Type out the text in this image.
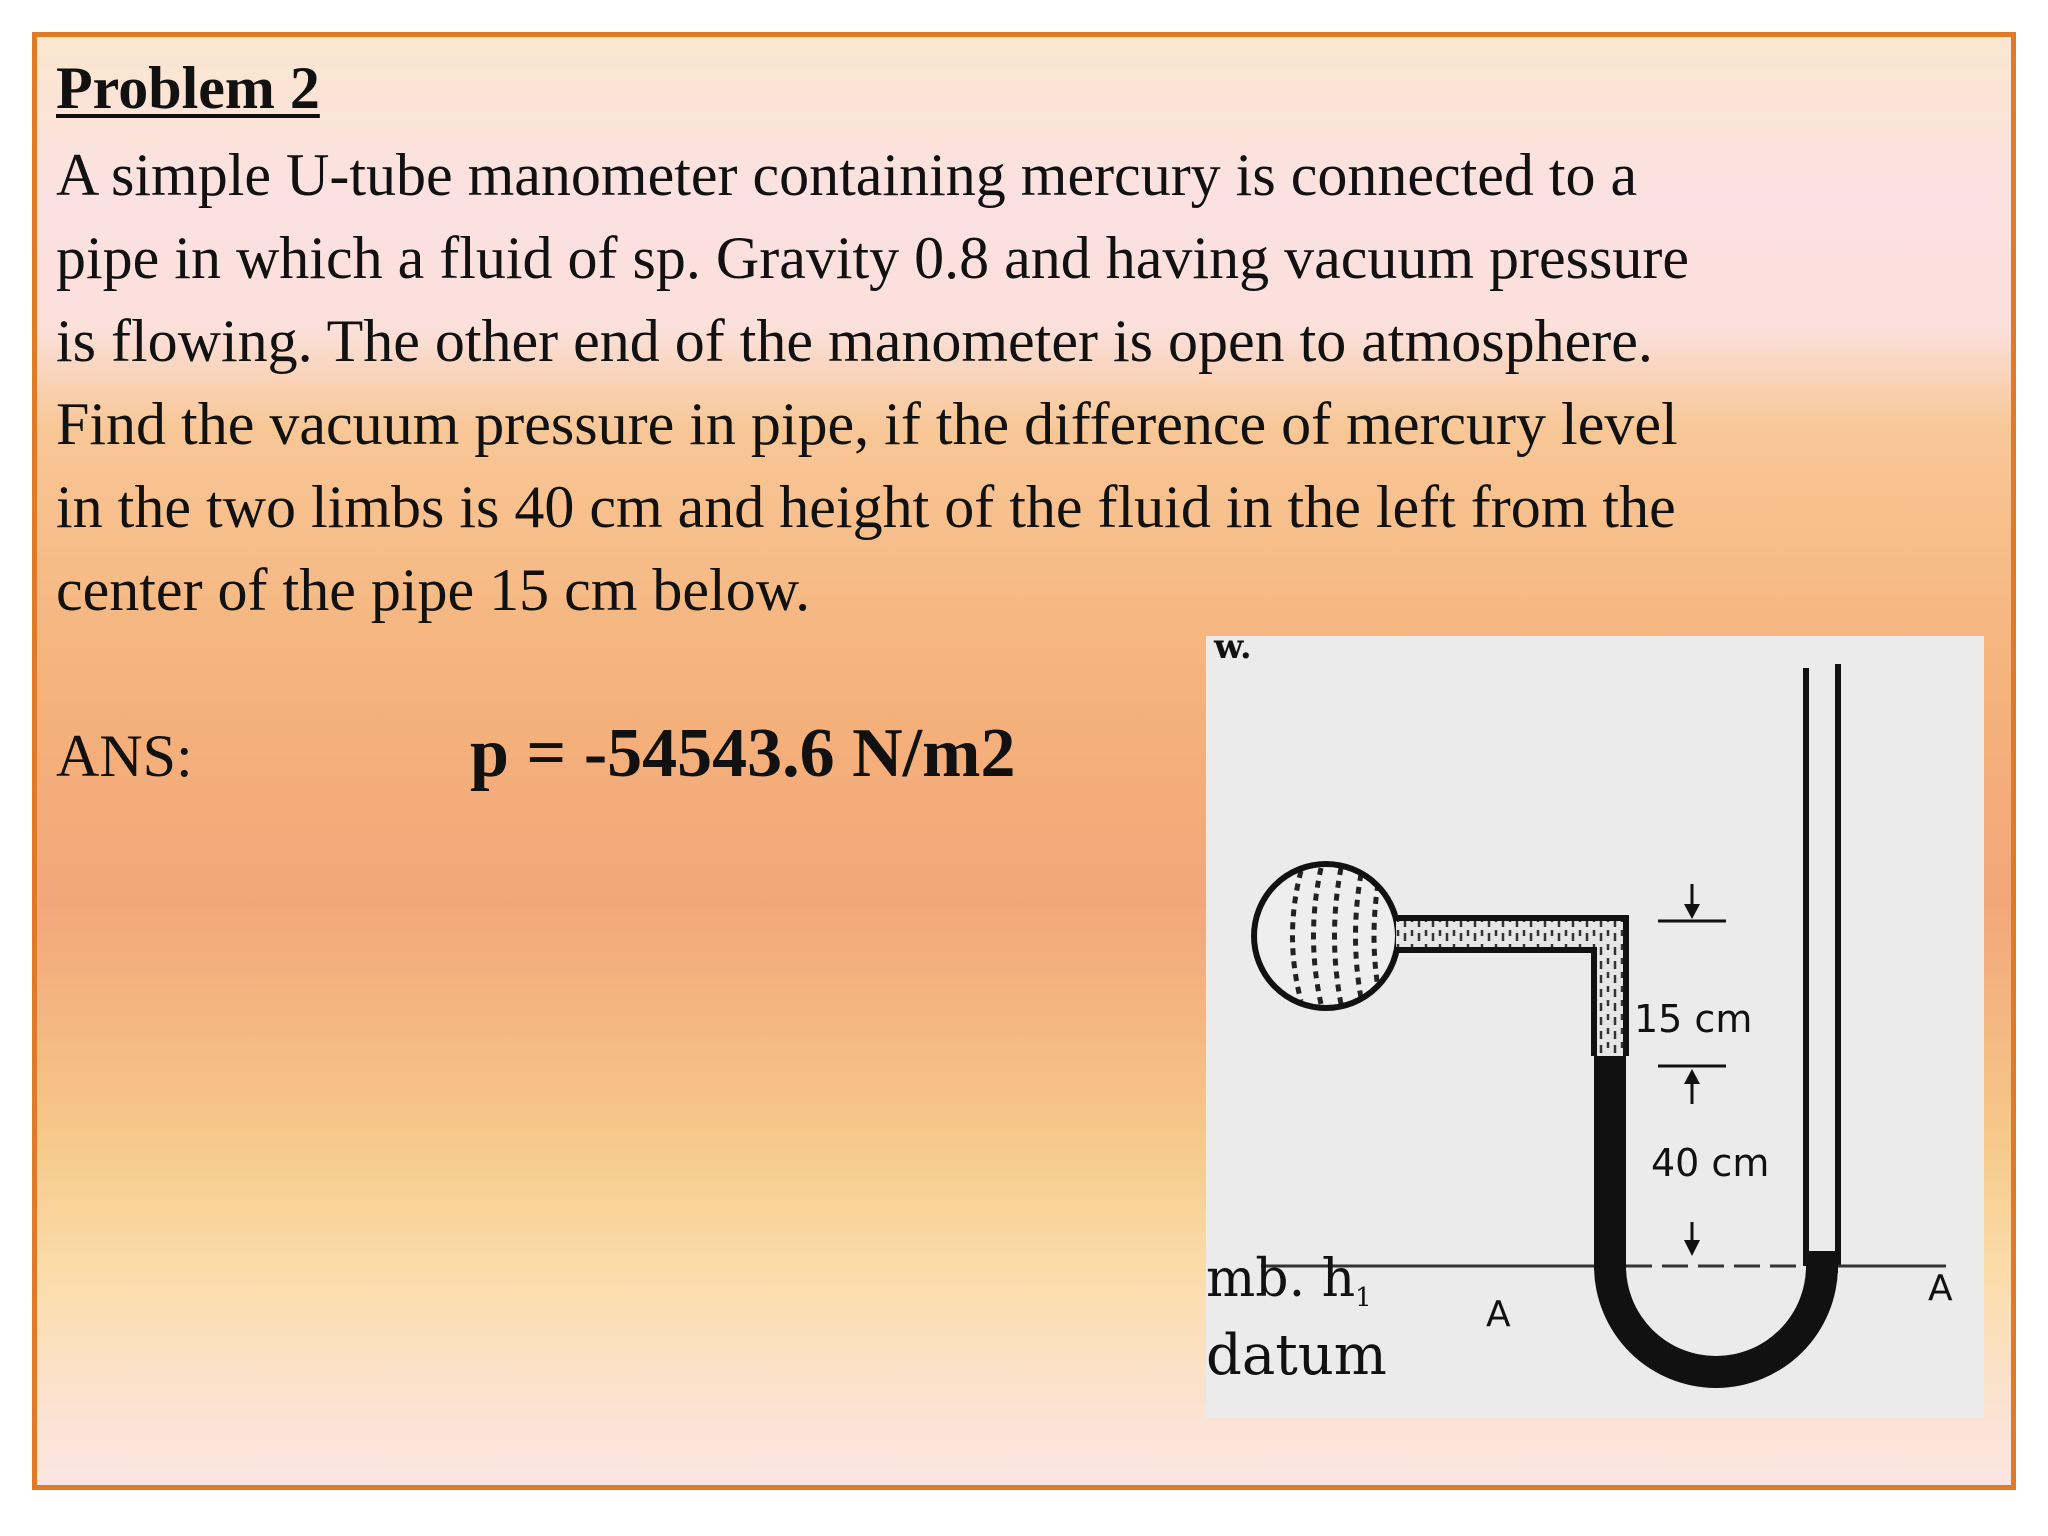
Problem 2
A simple U-tube manometer containing mercury is connected to a
pipe in which a fluid of sp. Gravity 0.8 and having vacuum pressure
is flowing. The other end of the manometer is open to atmosphere.
Find the vacuum pressure in pipe, if the difference of mercury level
in the two limbs is 40 cm and height of the fluid in the left from the
center of the pipe 15 cm below.
ANS:	p = -54543.6 N/m2
15 cm
40 cm
A
A
w.
mb. h1
datum
